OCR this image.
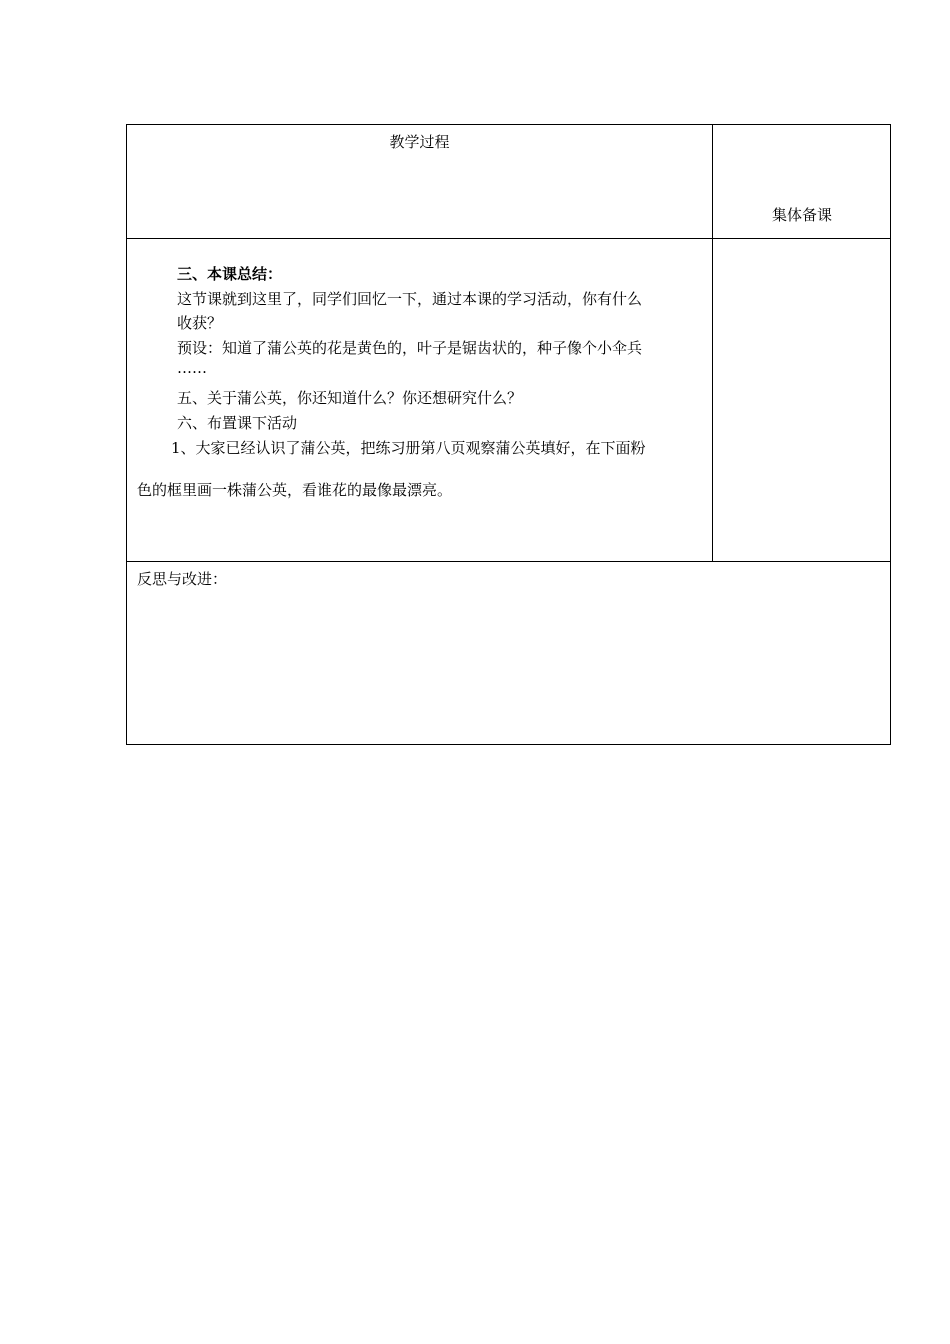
教学过程
集体备课
三、本课总结：
这节课就到这里了，同学们回忆一下，通过本课的学习活动，你有什么
收获？
预设：知道了蒲公英的花是黄色的，叶子是锯齿状的，种子像个小伞兵
……
五、关于蒲公英，你还知道什么？你还想研究什么？
六、布置课下活动
1、大家已经认识了蒲公英，把练习册第八页观察蒲公英填好，在下面粉
色的框里画一株蒲公英，看谁花的最像最漂亮。
反思与改进：
